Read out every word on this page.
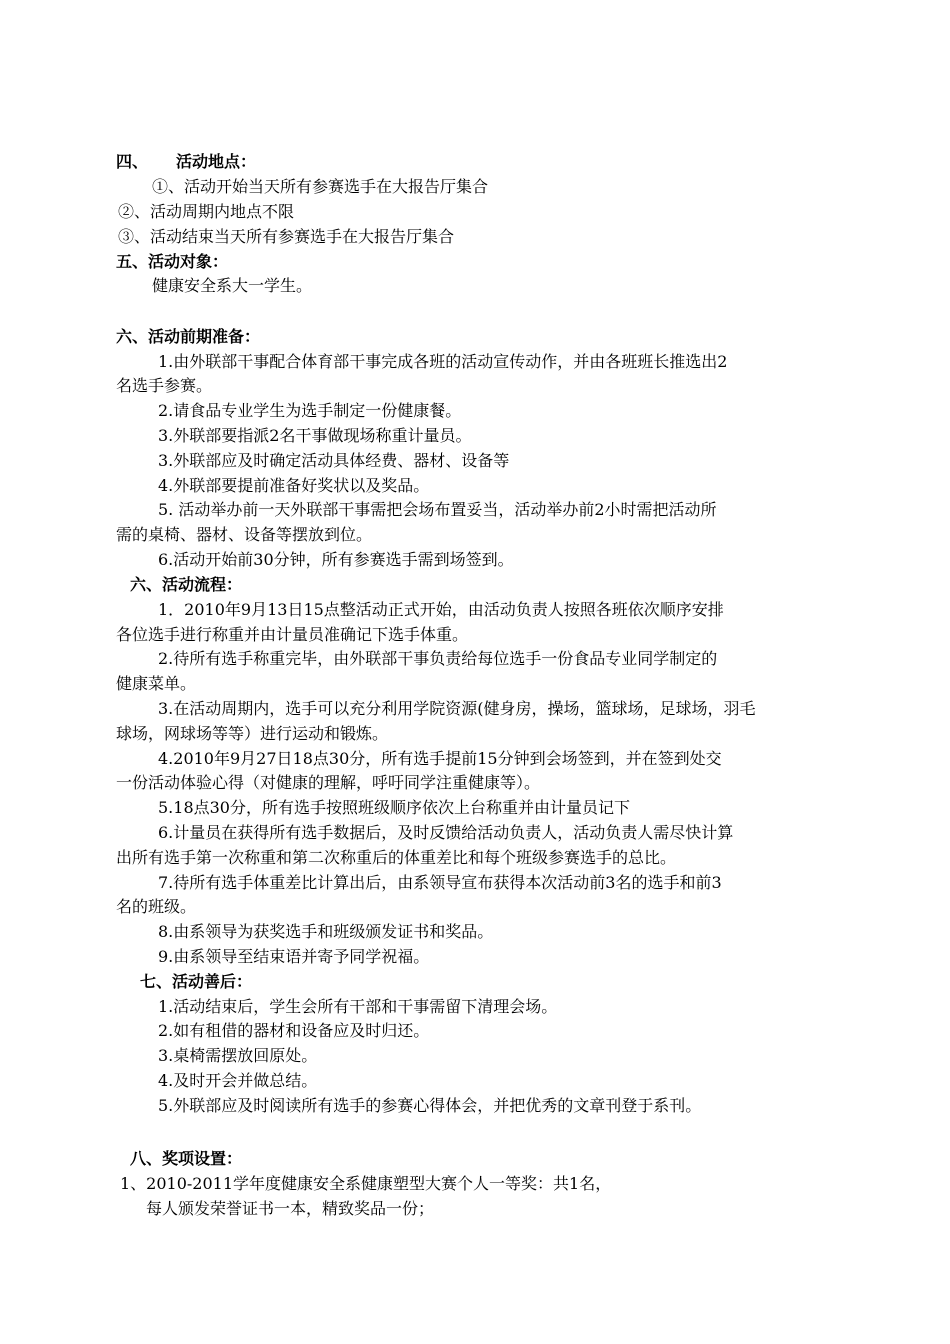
四、 活动地点：
①、活动开始当天所有参赛选手在大报告厅集合
②、活动周期内地点不限
③、活动结束当天所有参赛选手在大报告厅集合
五、活动对象：
健康安全系大一学生。
六、活动前期准备：
1.由外联部干事配合体育部干事完成各班的活动宣传动作，并由各班班长推选出2
名选手参赛。
2.请食品专业学生为选手制定一份健康餐。
3.外联部要指派2名干事做现场称重计量员。
3.外联部应及时确定活动具体经费、器材、设备等
4.外联部要提前准备好奖状以及奖品。
5. 活动举办前一天外联部干事需把会场布置妥当，活动举办前2小时需把活动所
需的桌椅、器材、设备等摆放到位。
6.活动开始前30分钟，所有参赛选手需到场签到。
六、活动流程：
1．2010年9月13日15点整活动正式开始，由活动负责人按照各班依次顺序安排
各位选手进行称重并由计量员准确记下选手体重。
2.待所有选手称重完毕，由外联部干事负责给每位选手一份食品专业同学制定的
健康菜单。
3.在活动周期内，选手可以充分利用学院资源(健身房，操场，篮球场，足球场，羽毛
球场，网球场等等）进行运动和锻炼。
4.2010年9月27日18点30分，所有选手提前15分钟到会场签到，并在签到处交
一份活动体验心得（对健康的理解，呼吁同学注重健康等）。
5.18点30分，所有选手按照班级顺序依次上台称重并由计量员记下
6.计量员在获得所有选手数据后，及时反馈给活动负责人，活动负责人需尽快计算
出所有选手第一次称重和第二次称重后的体重差比和每个班级参赛选手的总比。
7.待所有选手体重差比计算出后，由系领导宣布获得本次活动前3名的选手和前3
名的班级。
8.由系领导为获奖选手和班级颁发证书和奖品。
9.由系领导至结束语并寄予同学祝福。
七、活动善后：
1.活动结束后，学生会所有干部和干事需留下清理会场。
2.如有租借的器材和设备应及时归还。
3.桌椅需摆放回原处。
4.及时开会并做总结。
5.外联部应及时阅读所有选手的参赛心得体会，并把优秀的文章刊登于系刊。
八、奖项设置：
1、2010-2011学年度健康安全系健康塑型大赛个人一等奖：共1名，
每人颁发荣誉证书一本，精致奖品一份；
